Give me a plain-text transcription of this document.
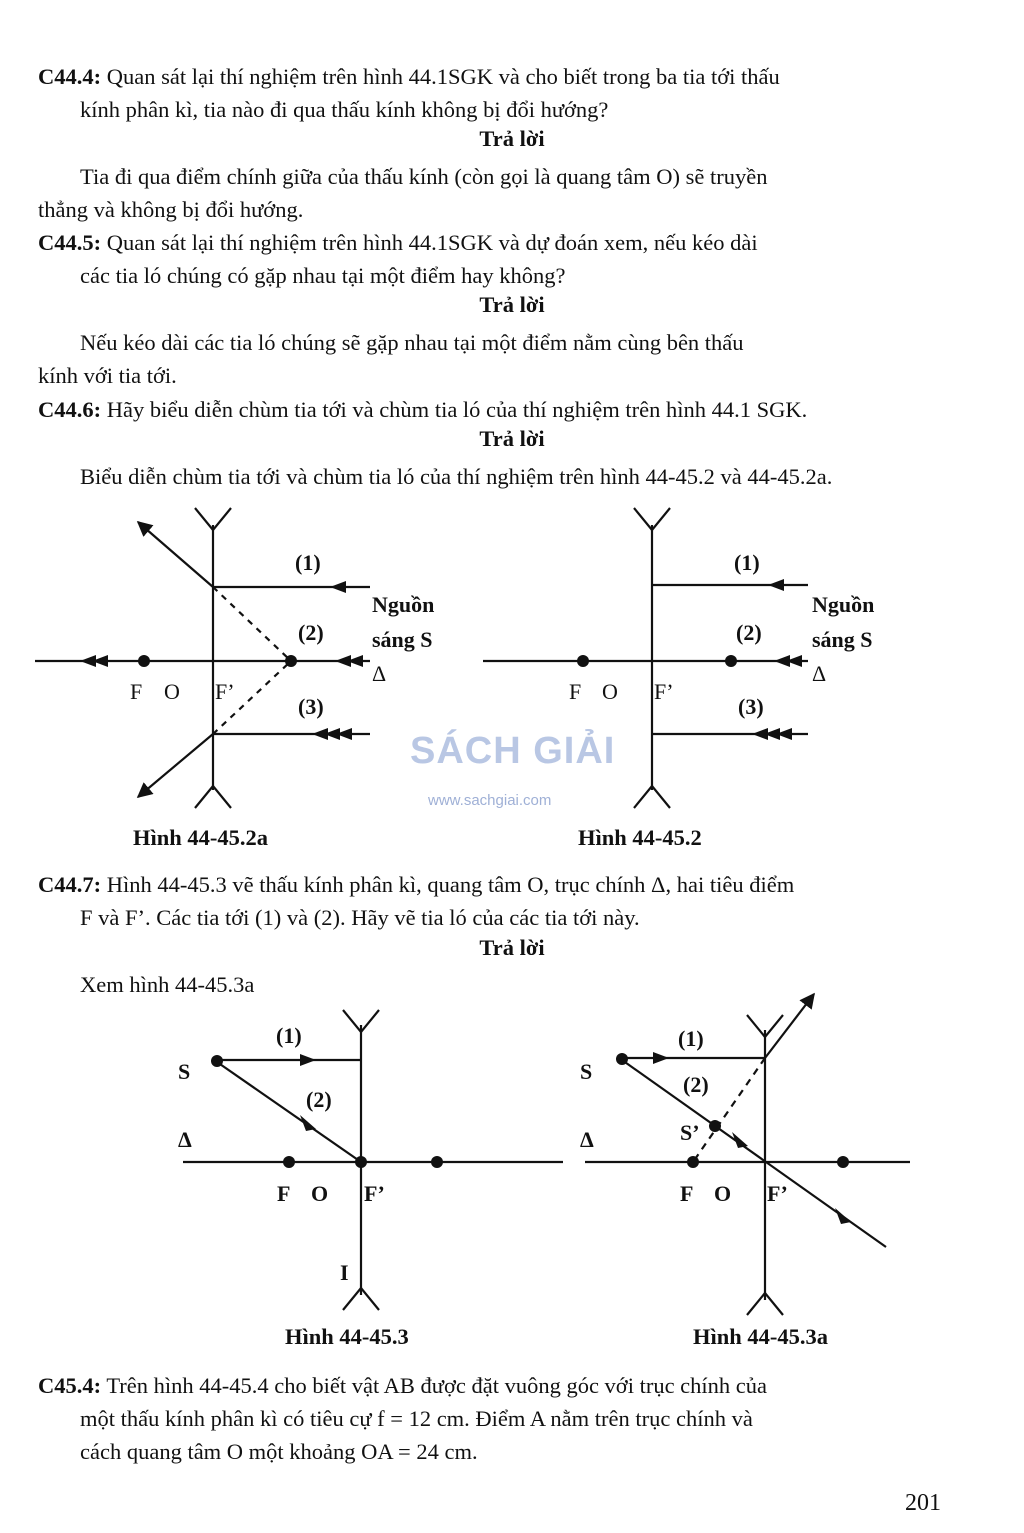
C44.4: Quan sát lại thí nghiệm trên hình 44.1SGK và cho biết trong ba tia tới thấu
kính phân kì, tia nào đi qua thấu kính không bị đổi hướng?
Trả lời
Tia đi qua điểm chính giữa của thấu kính (còn gọi là quang tâm O) sẽ truyền
thẳng và không bị đổi hướng.
C44.5: Quan sát lại thí nghiệm trên hình 44.1SGK và dự đoán xem, nếu kéo dài
các tia ló chúng có gặp nhau tại một điểm hay không?
Trả lời
Nếu kéo dài các tia ló chúng sẽ gặp nhau tại một điểm nằm cùng bên thấu
kính với tia tới.
C44.6: Hãy biểu diễn chùm tia tới và chùm tia ló của thí nghiệm trên hình 44.1 SGK.
Trả lời
Biểu diễn chùm tia tới và chùm tia ló của thí nghiệm trên hình 44-45.2 và 44-45.2a.
(1)
(2)
(3)
Nguồn
sáng S
Δ
F O F’
(1)
(2)
(3)
Nguồn
sáng S
Δ
F O F’
S
(1)
(2)
Δ
F O F’
I
S
(1)
(2)
S’
Δ
F O F’
SÁCH GIẢI
www.sachgiai.com
Hình 44-45.2a	Hình 44-45.2
C44.7: Hình 44-45.3 vẽ thấu kính phân kì, quang tâm O, trục chính Δ, hai tiêu điểm
F và F’. Các tia tới (1) và (2). Hãy vẽ tia ló của các tia tới này.
Trả lời
Xem hình 44-45.3a
Hình 44-45.3	Hình 44-45.3a
C45.4: Trên hình 44-45.4 cho biết vật AB được đặt vuông góc với trục chính của
một thấu kính phân kì có tiêu cự f = 12 cm. Điểm A nằm trên trục chính và
cách quang tâm O một khoảng OA = 24 cm.
201
